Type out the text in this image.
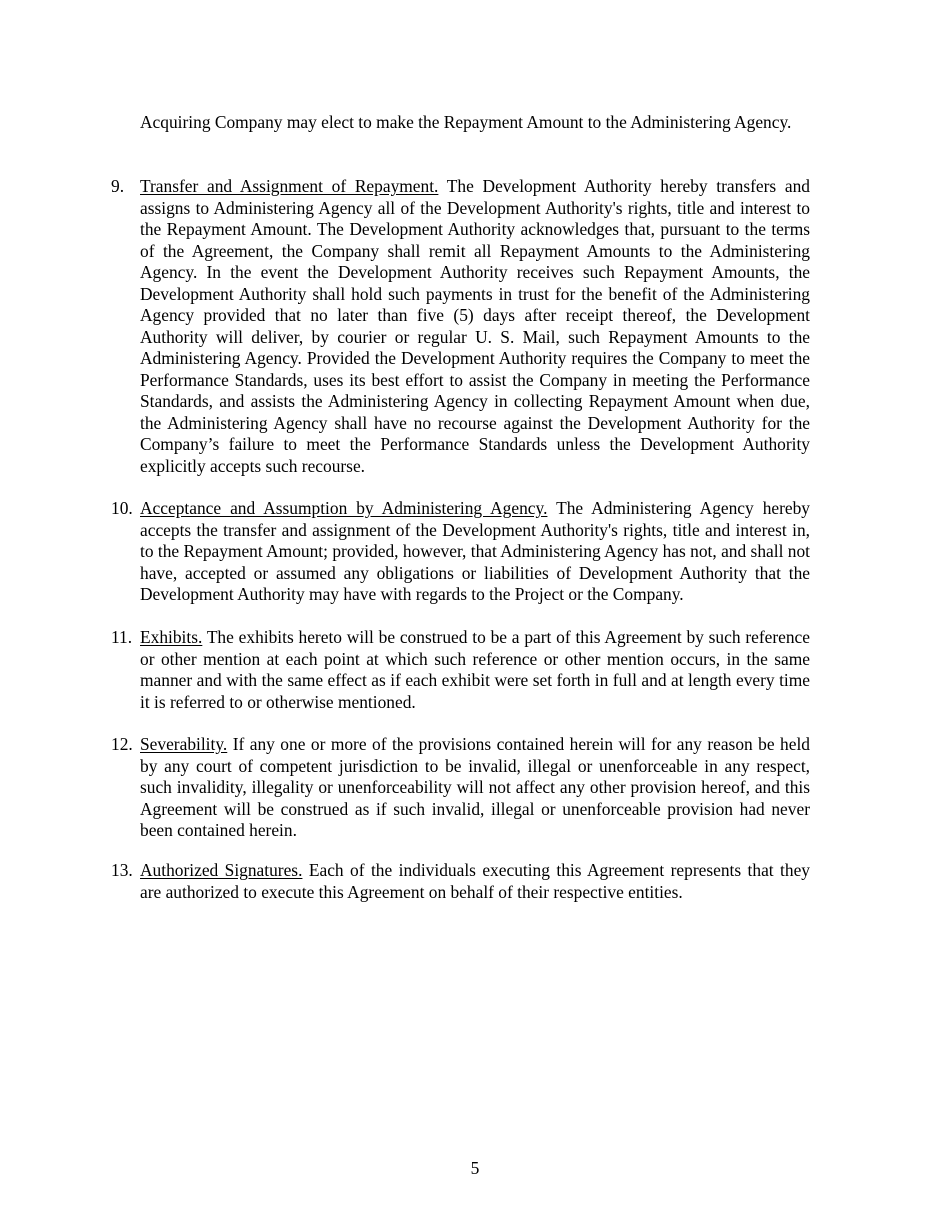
Acquiring Company may elect to make the Repayment Amount to the Administering Agency.

9. Transfer and Assignment of Repayment. The Development Authority hereby transfers and assigns to Administering Agency all of the Development Authority's rights, title and interest to the Repayment Amount. The Development Authority acknowledges that, pursuant to the terms of the Agreement, the Company shall remit all Repayment Amounts to the Administering Agency. In the event the Development Authority receives such Repayment Amounts, the Development Authority shall hold such payments in trust for the benefit of the Administering Agency provided that no later than five (5) days after receipt thereof, the Development Authority will deliver, by courier or regular U. S. Mail, such Repayment Amounts to the Administering Agency. Provided the Development Authority requires the Company to meet the Performance Standards, uses its best effort to assist the Company in meeting the Performance Standards, and assists the Administering Agency in collecting Repayment Amount when due, the Administering Agency shall have no recourse against the Development Authority for the Company’s failure to meet the Performance Standards unless the Development Authority explicitly accepts such recourse.

10. Acceptance and Assumption by Administering Agency. The Administering Agency hereby accepts the transfer and assignment of the Development Authority's rights, title and interest in, to the Repayment Amount; provided, however, that Administering Agency has not, and shall not have, accepted or assumed any obligations or liabilities of Development Authority that the Development Authority may have with regards to the Project or the Company.

11. Exhibits. The exhibits hereto will be construed to be a part of this Agreement by such reference or other mention at each point at which such reference or other mention occurs, in the same manner and with the same effect as if each exhibit were set forth in full and at length every time it is referred to or otherwise mentioned.

12. Severability. If any one or more of the provisions contained herein will for any reason be held by any court of competent jurisdiction to be invalid, illegal or unenforceable in any respect, such invalidity, illegality or unenforceability will not affect any other provision hereof, and this Agreement will be construed as if such invalid, illegal or unenforceable provision had never been contained herein.

13. Authorized Signatures. Each of the individuals executing this Agreement represents that they are authorized to execute this Agreement on behalf of their respective entities.

5
